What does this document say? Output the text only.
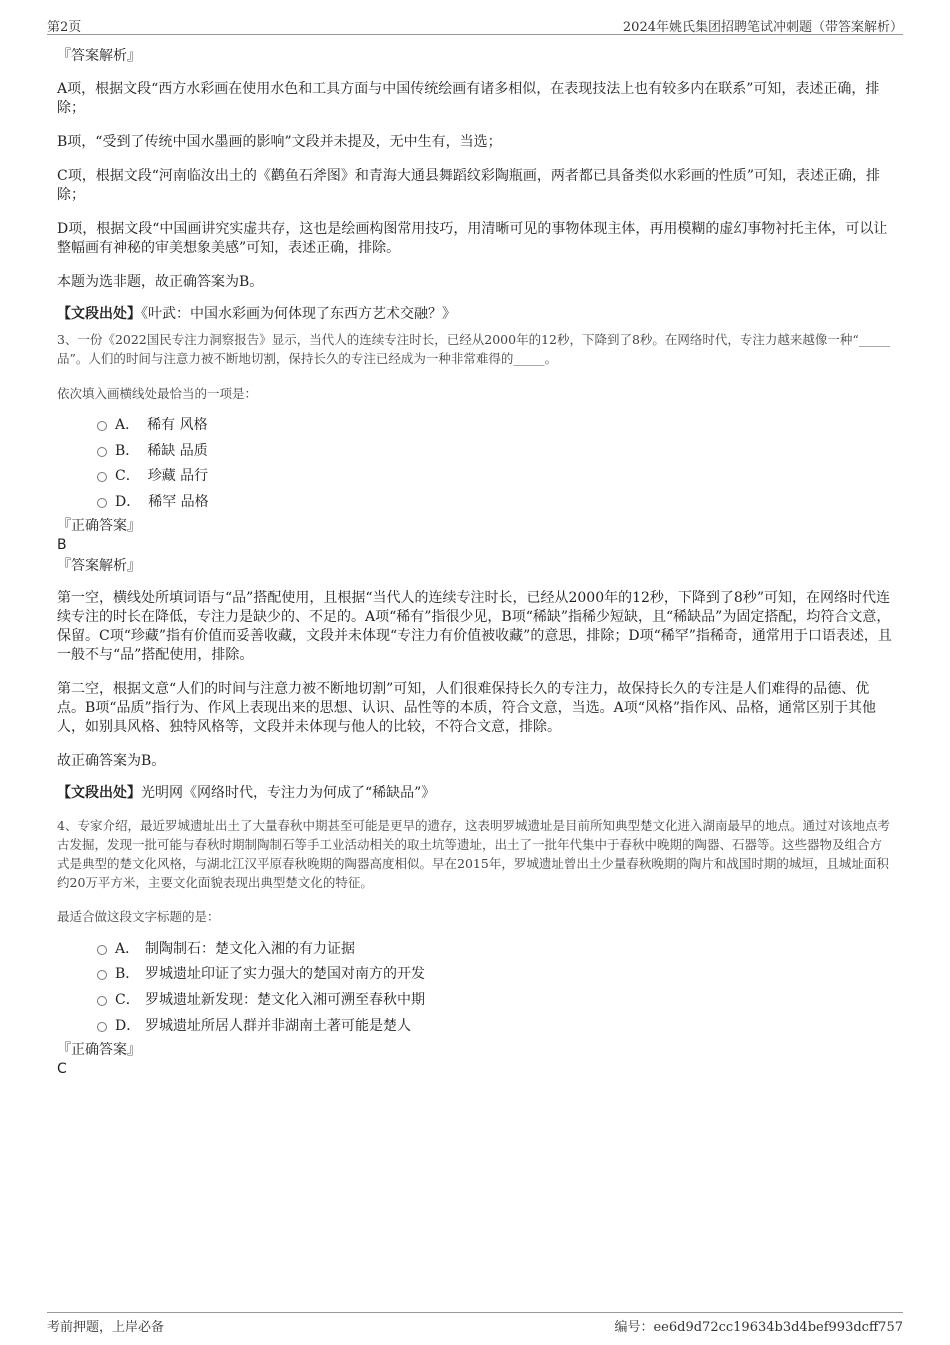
第2页	2024年姚氏集团招聘笔试冲刺题（带答案解析）

『答案解析』

A项，根据文段“西方水彩画在使用水色和工具方面与中国传统绘画有诸多相似，在表现技法上也有较多内在联系”可知，表述正确，排除；

B项，“受到了传统中国水墨画的影响”文段并未提及，无中生有，当选；

C项，根据文段“河南临汝出土的《鹳鱼石斧图》和青海大通县舞蹈纹彩陶瓶画，两者都已具备类似水彩画的性质”可知，表述正确，排除；

D项，根据文段“中国画讲究实虚共存，这也是绘画构图常用技巧，用清晰可见的事物体现主体，再用模糊的虚幻事物衬托主体，可以让整幅画有神秘的审美想象美感”可知，表述正确，排除。

本题为选非题，故正确答案为B。

【文段出处】《叶武：中国水彩画为何体现了东西方艺术交融？》

3、一份《2022国民专注力洞察报告》显示，当代人的连续专注时长，已经从2000年的12秒，下降到了8秒。在网络时代，专注力越来越像一种“_____品”。人们的时间与注意力被不断地切割，保持长久的专注已经成为一种非常难得的_____。

依次填入画横线处最恰当的一项是：

A． 稀有 风格
B． 稀缺 品质
C． 珍藏 品行
D． 稀罕 品格

『正确答案』

B

『答案解析』

第一空，横线处所填词语与“品”搭配使用，且根据“当代人的连续专注时长，已经从2000年的12秒，下降到了8秒”可知，在网络时代连续专注的时长在降低，专注力是缺少的、不足的。A项“稀有”指很少见，B项“稀缺”指稀少短缺，且“稀缺品”为固定搭配，均符合文意，保留。C项“珍藏”指有价值而妥善收藏，文段并未体现“专注力有价值被收藏”的意思，排除；D项“稀罕”指稀奇，通常用于口语表述，且一般不与“品”搭配使用，排除。

第二空，根据文意“人们的时间与注意力被不断地切割”可知，人们很难保持长久的专注力，故保持长久的专注是人们难得的品德、优点。B项“品质”指行为、作风上表现出来的思想、认识、品性等的本质，符合文意，当选。A项“风格”指作风、品格，通常区别于其他人，如别具风格、独特风格等，文段并未体现与他人的比较，不符合文意，排除。

故正确答案为B。

【文段出处】光明网《网络时代，专注力为何成了“稀缺品”》

4、专家介绍，最近罗城遗址出土了大量春秋中期甚至可能是更早的遗存，这表明罗城遗址是目前所知典型楚文化进入湖南最早的地点。通过对该地点考古发掘，发现一批可能与春秋时期制陶制石等手工业活动相关的取土坑等遗址，出土了一批年代集中于春秋中晚期的陶器、石器等。这些器物及组合方式是典型的楚文化风格，与湖北江汉平原春秋晚期的陶器高度相似。早在2015年，罗城遗址曾出土少量春秋晚期的陶片和战国时期的城垣，且城址面积约20万平方米，主要文化面貌表现出典型楚文化的特征。

最适合做这段文字标题的是：

A． 制陶制石：楚文化入湘的有力证据
B． 罗城遗址印证了实力强大的楚国对南方的开发
C． 罗城遗址新发现：楚文化入湘可溯至春秋中期
D． 罗城遗址所居人群并非湖南土著可能是楚人

『正确答案』

C

考前押题，上岸必备	编号：ee6d9d72cc19634b3d4bef993dcff757
